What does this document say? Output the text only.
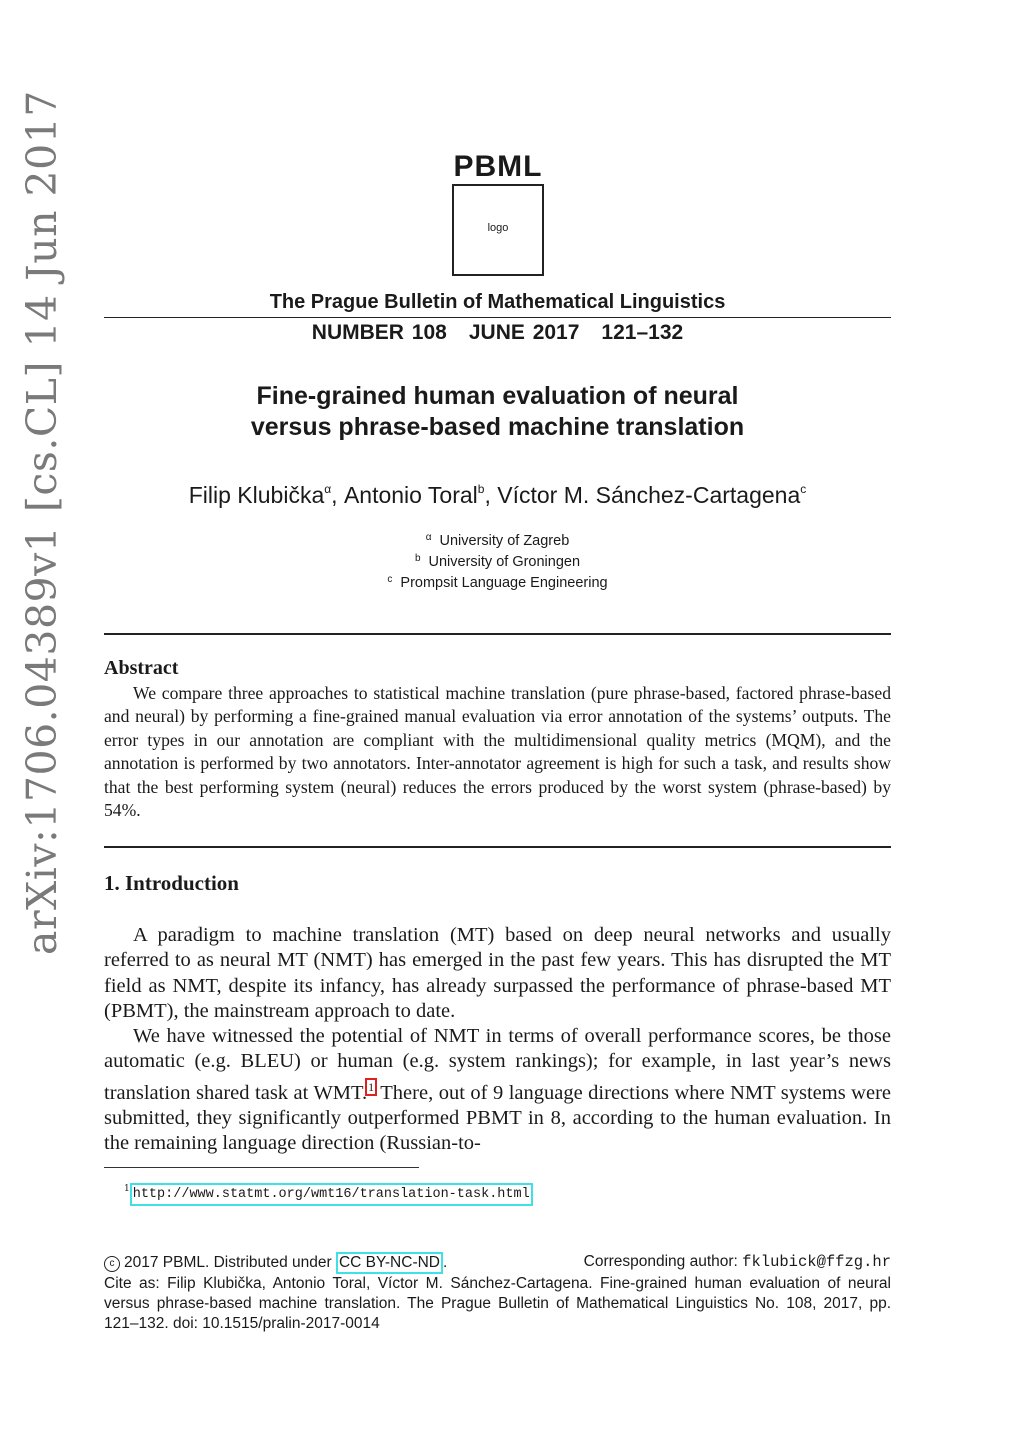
arXiv:1706.04389v1 [cs.CL] 14 Jun 2017	PBML
logo
The Prague Bulletin of Mathematical Linguistics
NUMBER 108 JUNE 2017 121–132
Fine-grained human evaluation of neural
versus phrase-based machine translation
Filip Klubička$^\alpha$, Antonio Toral$^b$, Víctor M. Sánchez-Cartagena$^c$
$^\alpha$ University of Zagreb
$^b$ University of Groningen
$^c$ Prompsit Language Engineering
Abstract
We compare three approaches to statistical machine translation (pure phrase-based, factored phrase-based and neural) by performing a fine-grained manual evaluation via error annotation of the systems’ outputs. The error types in our annotation are compliant with the multidimensional quality metrics (MQM), and the annotation is performed by two annotators. Inter-annotator agreement is high for such a task, and results show that the best performing system (neural) reduces the errors produced by the worst system (phrase-based) by 54%.
1. Introduction

A paradigm to machine translation (MT) based on deep neural networks and usually referred to as neural MT (NMT) has emerged in the past few years. This has disrupted the MT field as NMT, despite its infancy, has already surpassed the performance of phrase-based MT (PBMT), the mainstream approach to date.

We have witnessed the potential of NMT in terms of overall performance scores, be those automatic (e.g. BLEU) or human (e.g. system rankings); for example, in last year’s news translation shared task at WMT.$^1$ There, out of 9 language directions where NMT systems were submitted, they significantly outperformed PBMT in 8, according to the human evaluation. In the remaining language direction (Russian-to-

$^1$ http://www.statmt.org/wmt16/translation-task.html
c 2017 PBML. Distributed under CC BY-NC-ND .	Corresponding author: fklubick@ffzg.hr
Cite as: Filip Klubička, Antonio Toral, Víctor M. Sánchez-Cartagena. Fine-grained human evaluation of neural versus phrase-based machine translation. The Prague Bulletin of Mathematical Linguistics No. 108, 2017, pp. 121–132. doi: 10.1515/pralin-2017-0014
